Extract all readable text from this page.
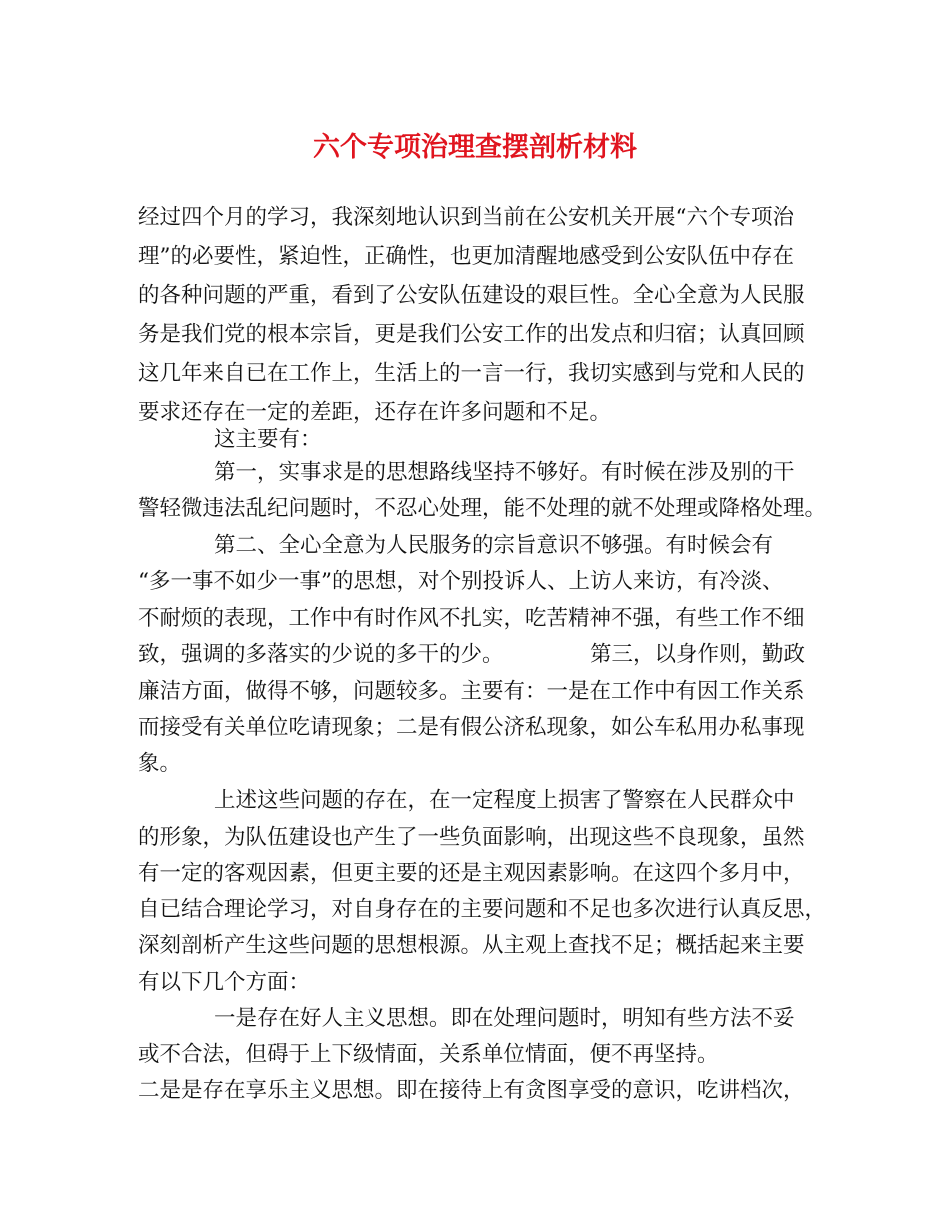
六个专项治理查摆剖析材料
经过四个月的学习，我深刻地认识到当前在公安机关开展“六个专项治
理”的必要性，紧迫性，正确性，也更加清醒地感受到公安队伍中存在
的各种问题的严重，看到了公安队伍建设的艰巨性。全心全意为人民服
务是我们党的根本宗旨，更是我们公安工作的出发点和归宿；认真回顾
这几年来自已在工作上，生活上的一言一行，我切实感到与党和人民的
要求还存在一定的差距，还存在许多问题和不足。
这主要有：
第一，实事求是的思想路线坚持不够好。有时候在涉及别的干
警轻微违法乱纪问题时，不忍心处理，能不处理的就不处理或降格处理。
第二、全心全意为人民服务的宗旨意识不够强。有时候会有
“多一事不如少一事”的思想，对个别投诉人、上访人来访，有冷淡、
不耐烦的表现，工作中有时作风不扎实，吃苦精神不强，有些工作不细
致，强调的多落实的少说的多干的少。	第三，以身作则，勤政
廉洁方面，做得不够，问题较多。主要有：一是在工作中有因工作关系
而接受有关单位吃请现象；二是有假公济私现象，如公车私用办私事现
象。
上述这些问题的存在，在一定程度上损害了警察在人民群众中
的形象，为队伍建设也产生了一些负面影响，出现这些不良现象，虽然
有一定的客观因素，但更主要的还是主观因素影响。在这四个多月中，
自已结合理论学习，对自身存在的主要问题和不足也多次进行认真反思，
深刻剖析产生这些问题的思想根源。从主观上查找不足；概括起来主要
有以下几个方面：
一是存在好人主义思想。即在处理问题时，明知有些方法不妥
或不合法，但碍于上下级情面，关系单位情面，便不再坚持。
二是是存在享乐主义思想。即在接待上有贪图享受的意识，吃讲档次，
